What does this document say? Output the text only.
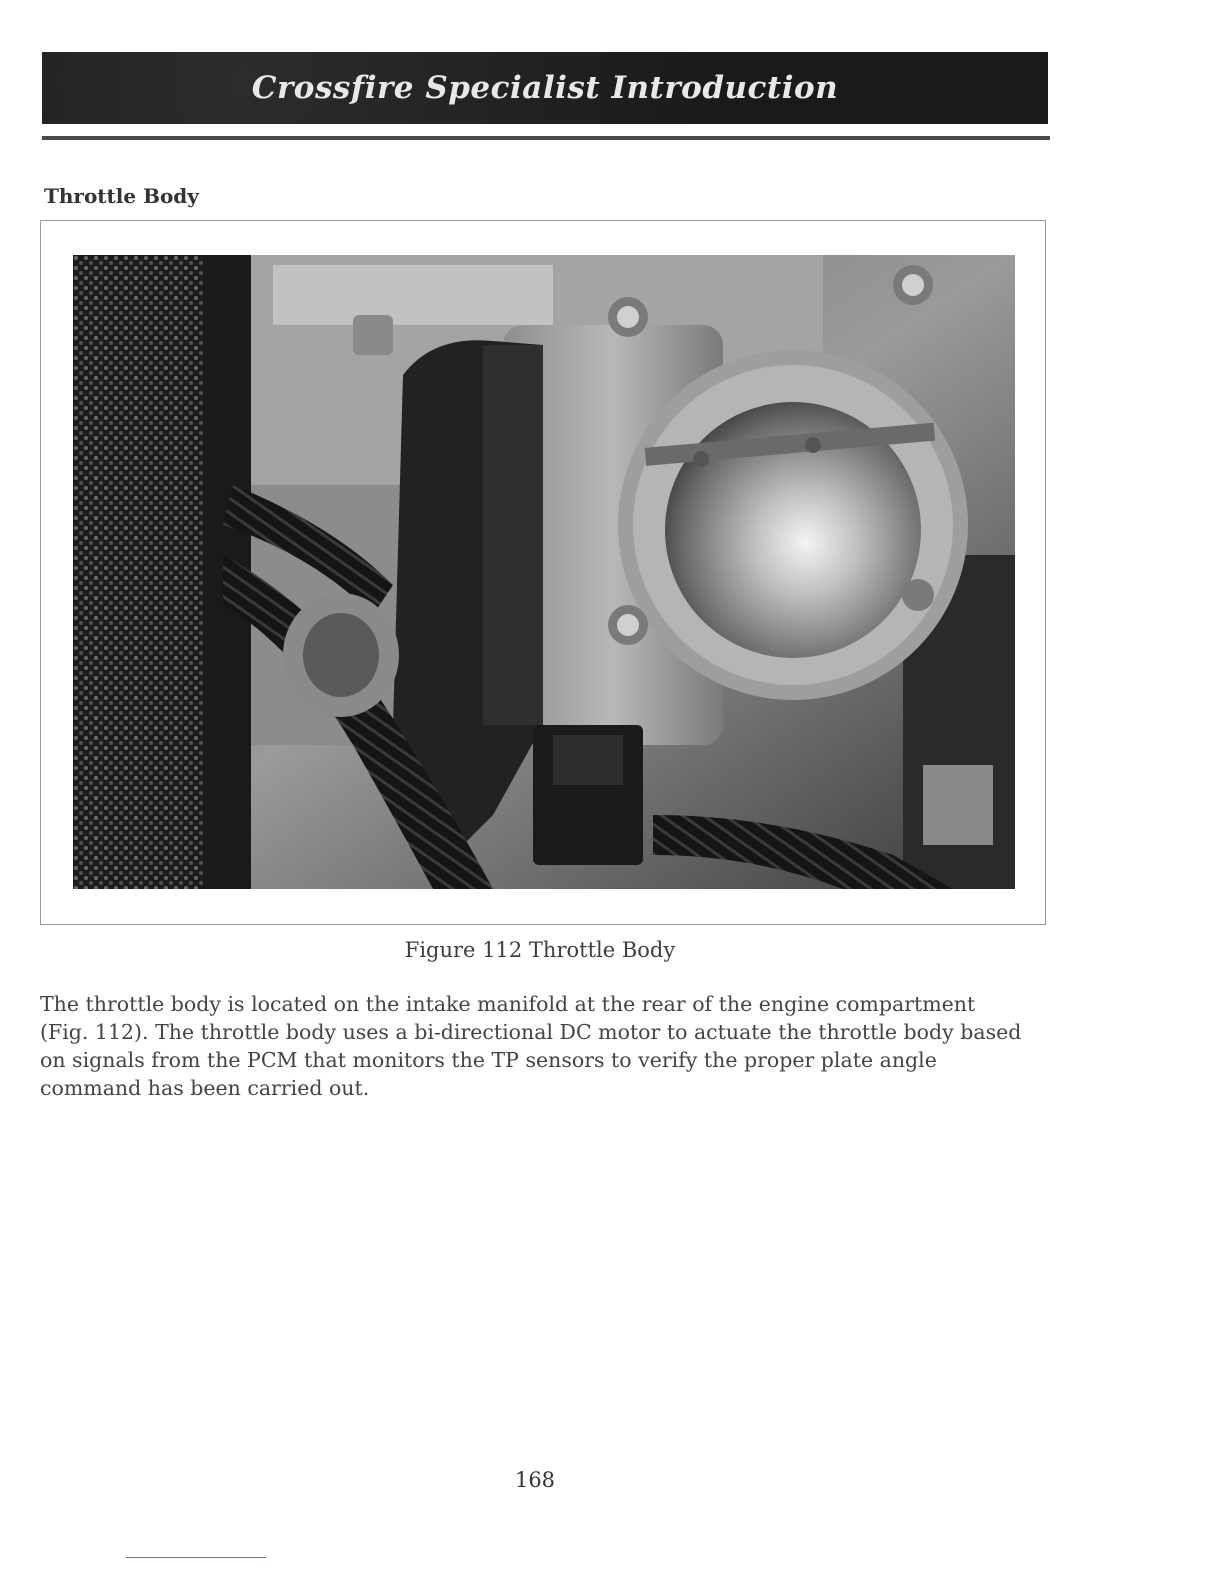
Crossfire Specialist Introduction
Throttle Body
Figure 112 Throttle Body

The throttle body is located on the intake manifold at the rear of the engine compartment (Fig. 112). The throttle body uses a bi-directional DC motor to actuate the throttle body based on signals from the PCM that monitors the TP sensors to verify the proper plate angle command has been carried out.

168
